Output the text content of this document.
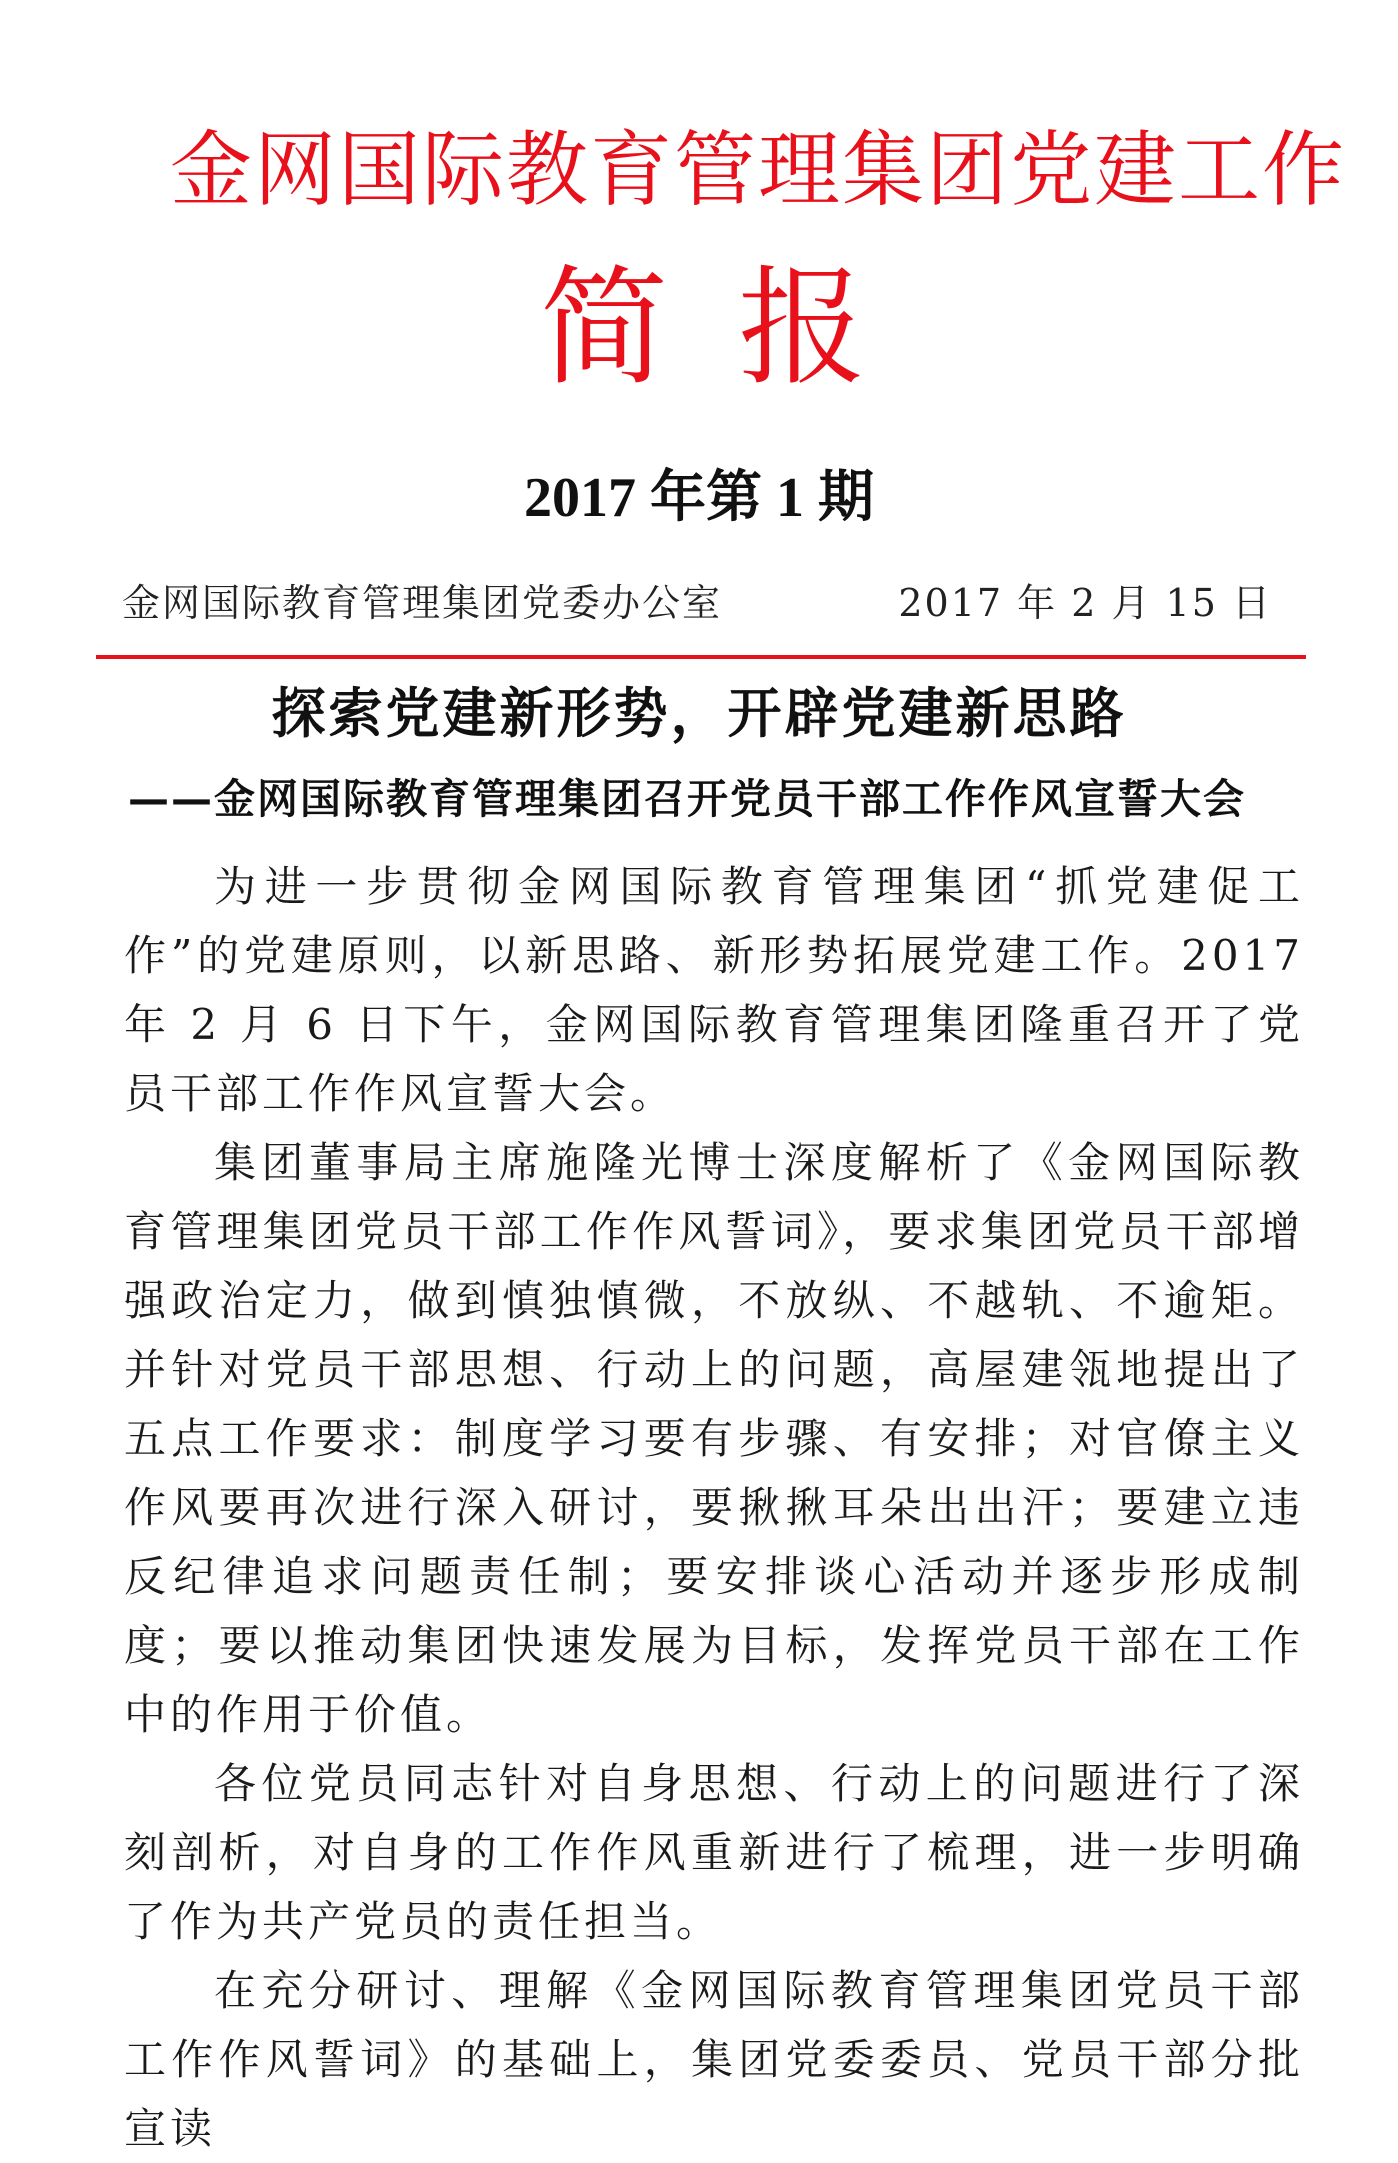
金网国际教育管理集团党建工作
简报
2017 年第 1 期
金网国际教育管理集团党委办公室	2017 年 2 月 15 日
探索党建新形势，开辟党建新思路
——金网国际教育管理集团召开党员干部工作作风宣誓大会

为进一步贯彻金网国际教育管理集团“抓党建促工作”的党建原则，以新思路、新形势拓展党建工作。2017 年 2 月 6 日下午，金网国际教育管理集团隆重召开了党员干部工作作风宣誓大会。

集团董事局主席施隆光博士深度解析了《金网国际教育管理集团党员干部工作作风誓词》，要求集团党员干部增强政治定力，做到慎独慎微，不放纵、不越轨、不逾矩。并针对党员干部思想、行动上的问题，高屋建瓴地提出了五点工作要求：制度学习要有步骤、有安排；对官僚主义作风要再次进行深入研讨，要揪揪耳朵出出汗；要建立违反纪律追求问题责任制；要安排谈心活动并逐步形成制度；要以推动集团快速发展为目标，发挥党员干部在工作中的作用于价值。

各位党员同志针对自身思想、行动上的问题进行了深刻剖析，对自身的工作作风重新进行了梳理，进一步明确了作为共产党员的责任担当。

在充分研讨、理解《金网国际教育管理集团党员干部工作作风誓词》的基础上，集团党委委员、党员干部分批宣读
